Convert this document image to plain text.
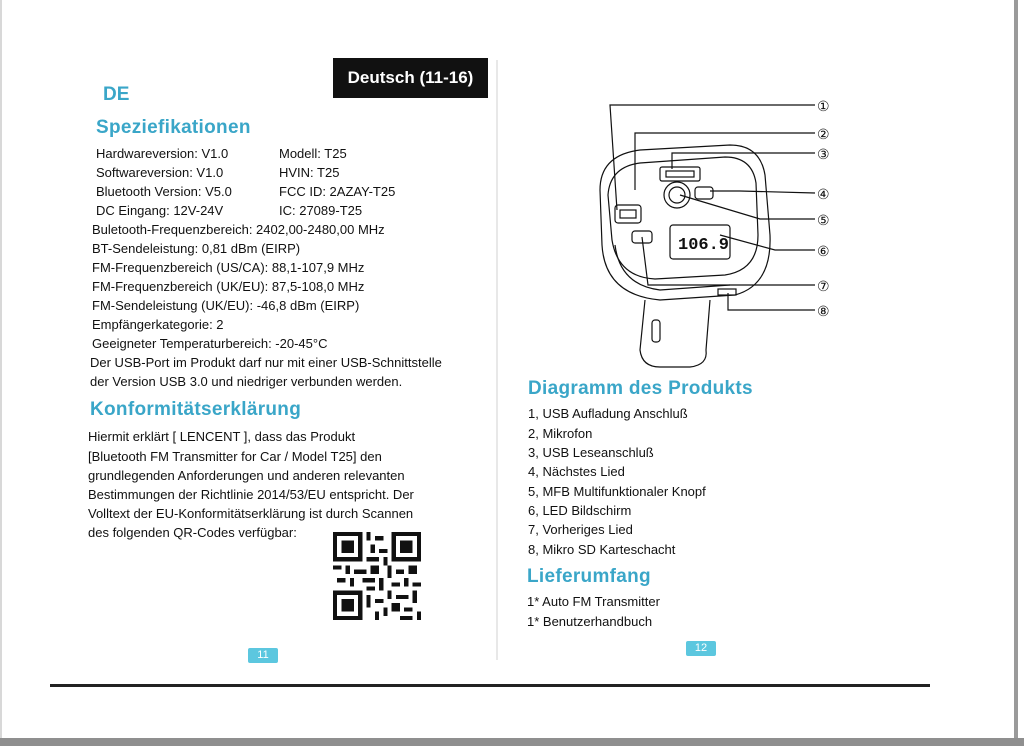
Deutsch (11-16)
DE
Speziefikationen
Hardwareversion: V1.0	Modell: T25
Softwareversion: V1.0	HVIN: T25
Bluetooth Version: V5.0	FCC ID: 2AZAY-T25
DC Eingang: 12V-24V	IC: 27089-T25
Buletooth-Frequenzbereich: 2402,00-2480,00 MHz
BT-Sendeleistung: 0,81 dBm (EIRP)
FM-Frequenzbereich (US/CA): 88,1-107,9 MHz
FM-Frequenzbereich (UK/EU): 87,5-108,0 MHz
FM-Sendeleistung (UK/EU): -46,8 dBm (EIRP)
Empfängerkategorie: 2
Geeigneter Temperaturbereich: -20-45°C
Der USB-Port im Produkt darf nur mit einer USB-Schnittstelle
der Version USB 3.0 und niedriger verbunden werden.
Konformitätserklärung
Hiermit erklärt [ LENCENT ], dass das Produkt
[Bluetooth FM Transmitter for Car / Model T25] den
grundlegenden Anforderungen und anderen relevanten
Bestimmungen der Richtlinie 2014/53/EU entspricht. Der
Volltext der EU-Konformitätserklärung ist durch Scannen
des folgenden QR-Codes verfügbar:
11
106.9
①
②
③
④
⑤
⑥
⑦
⑧
Diagramm des Produkts
1, USB Aufladung Anschluß
2, Mikrofon
3, USB Leseanschluß
4, Nächstes Lied
5, MFB Multifunktionaler Knopf
6, LED Bildschirm
7, Vorheriges Lied
8, Mikro SD Karteschacht
Lieferumfang
1* Auto FM Transmitter
1* Benutzerhandbuch
12
